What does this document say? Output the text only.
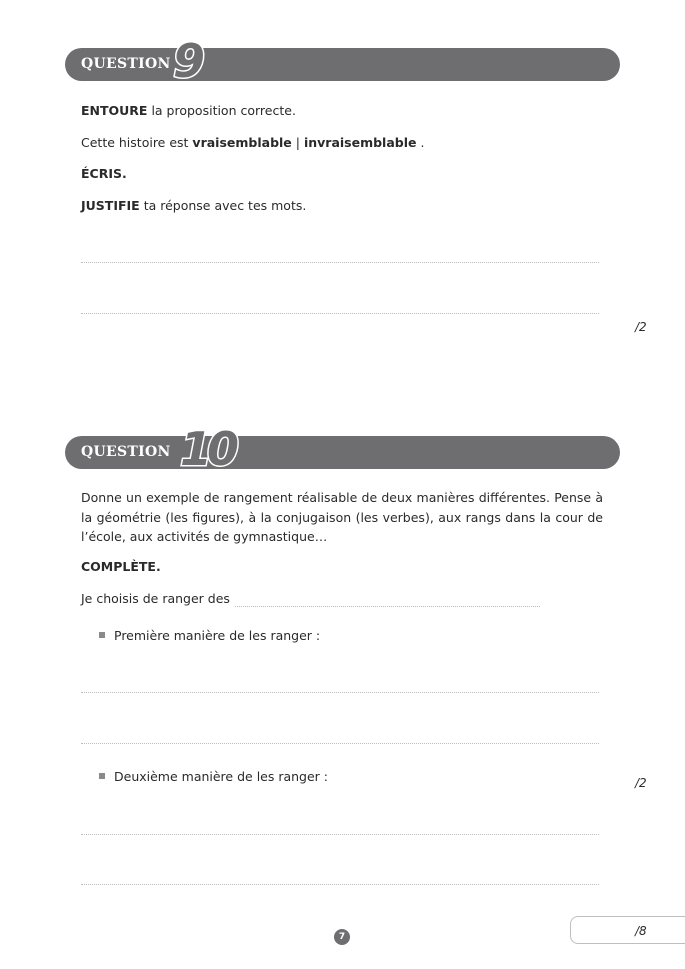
QUESTION 9
ENTOURE la proposition correcte.
Cette histoire est vraisemblable | invraisemblable .
ÉCRIS.
JUSTIFIE ta réponse avec tes mots.
/2
QUESTION 10
Donne un exemple de rangement réalisable de deux manières différentes. Pense à la géométrie (les figures), à la conjugaison (les verbes), aux rangs dans la cour de l’école, aux activités de gymnastique…
COMPLÈTE.
Je choisis de ranger des
Première manière de les ranger :
Deuxième manière de les ranger :	/2
/8
7
